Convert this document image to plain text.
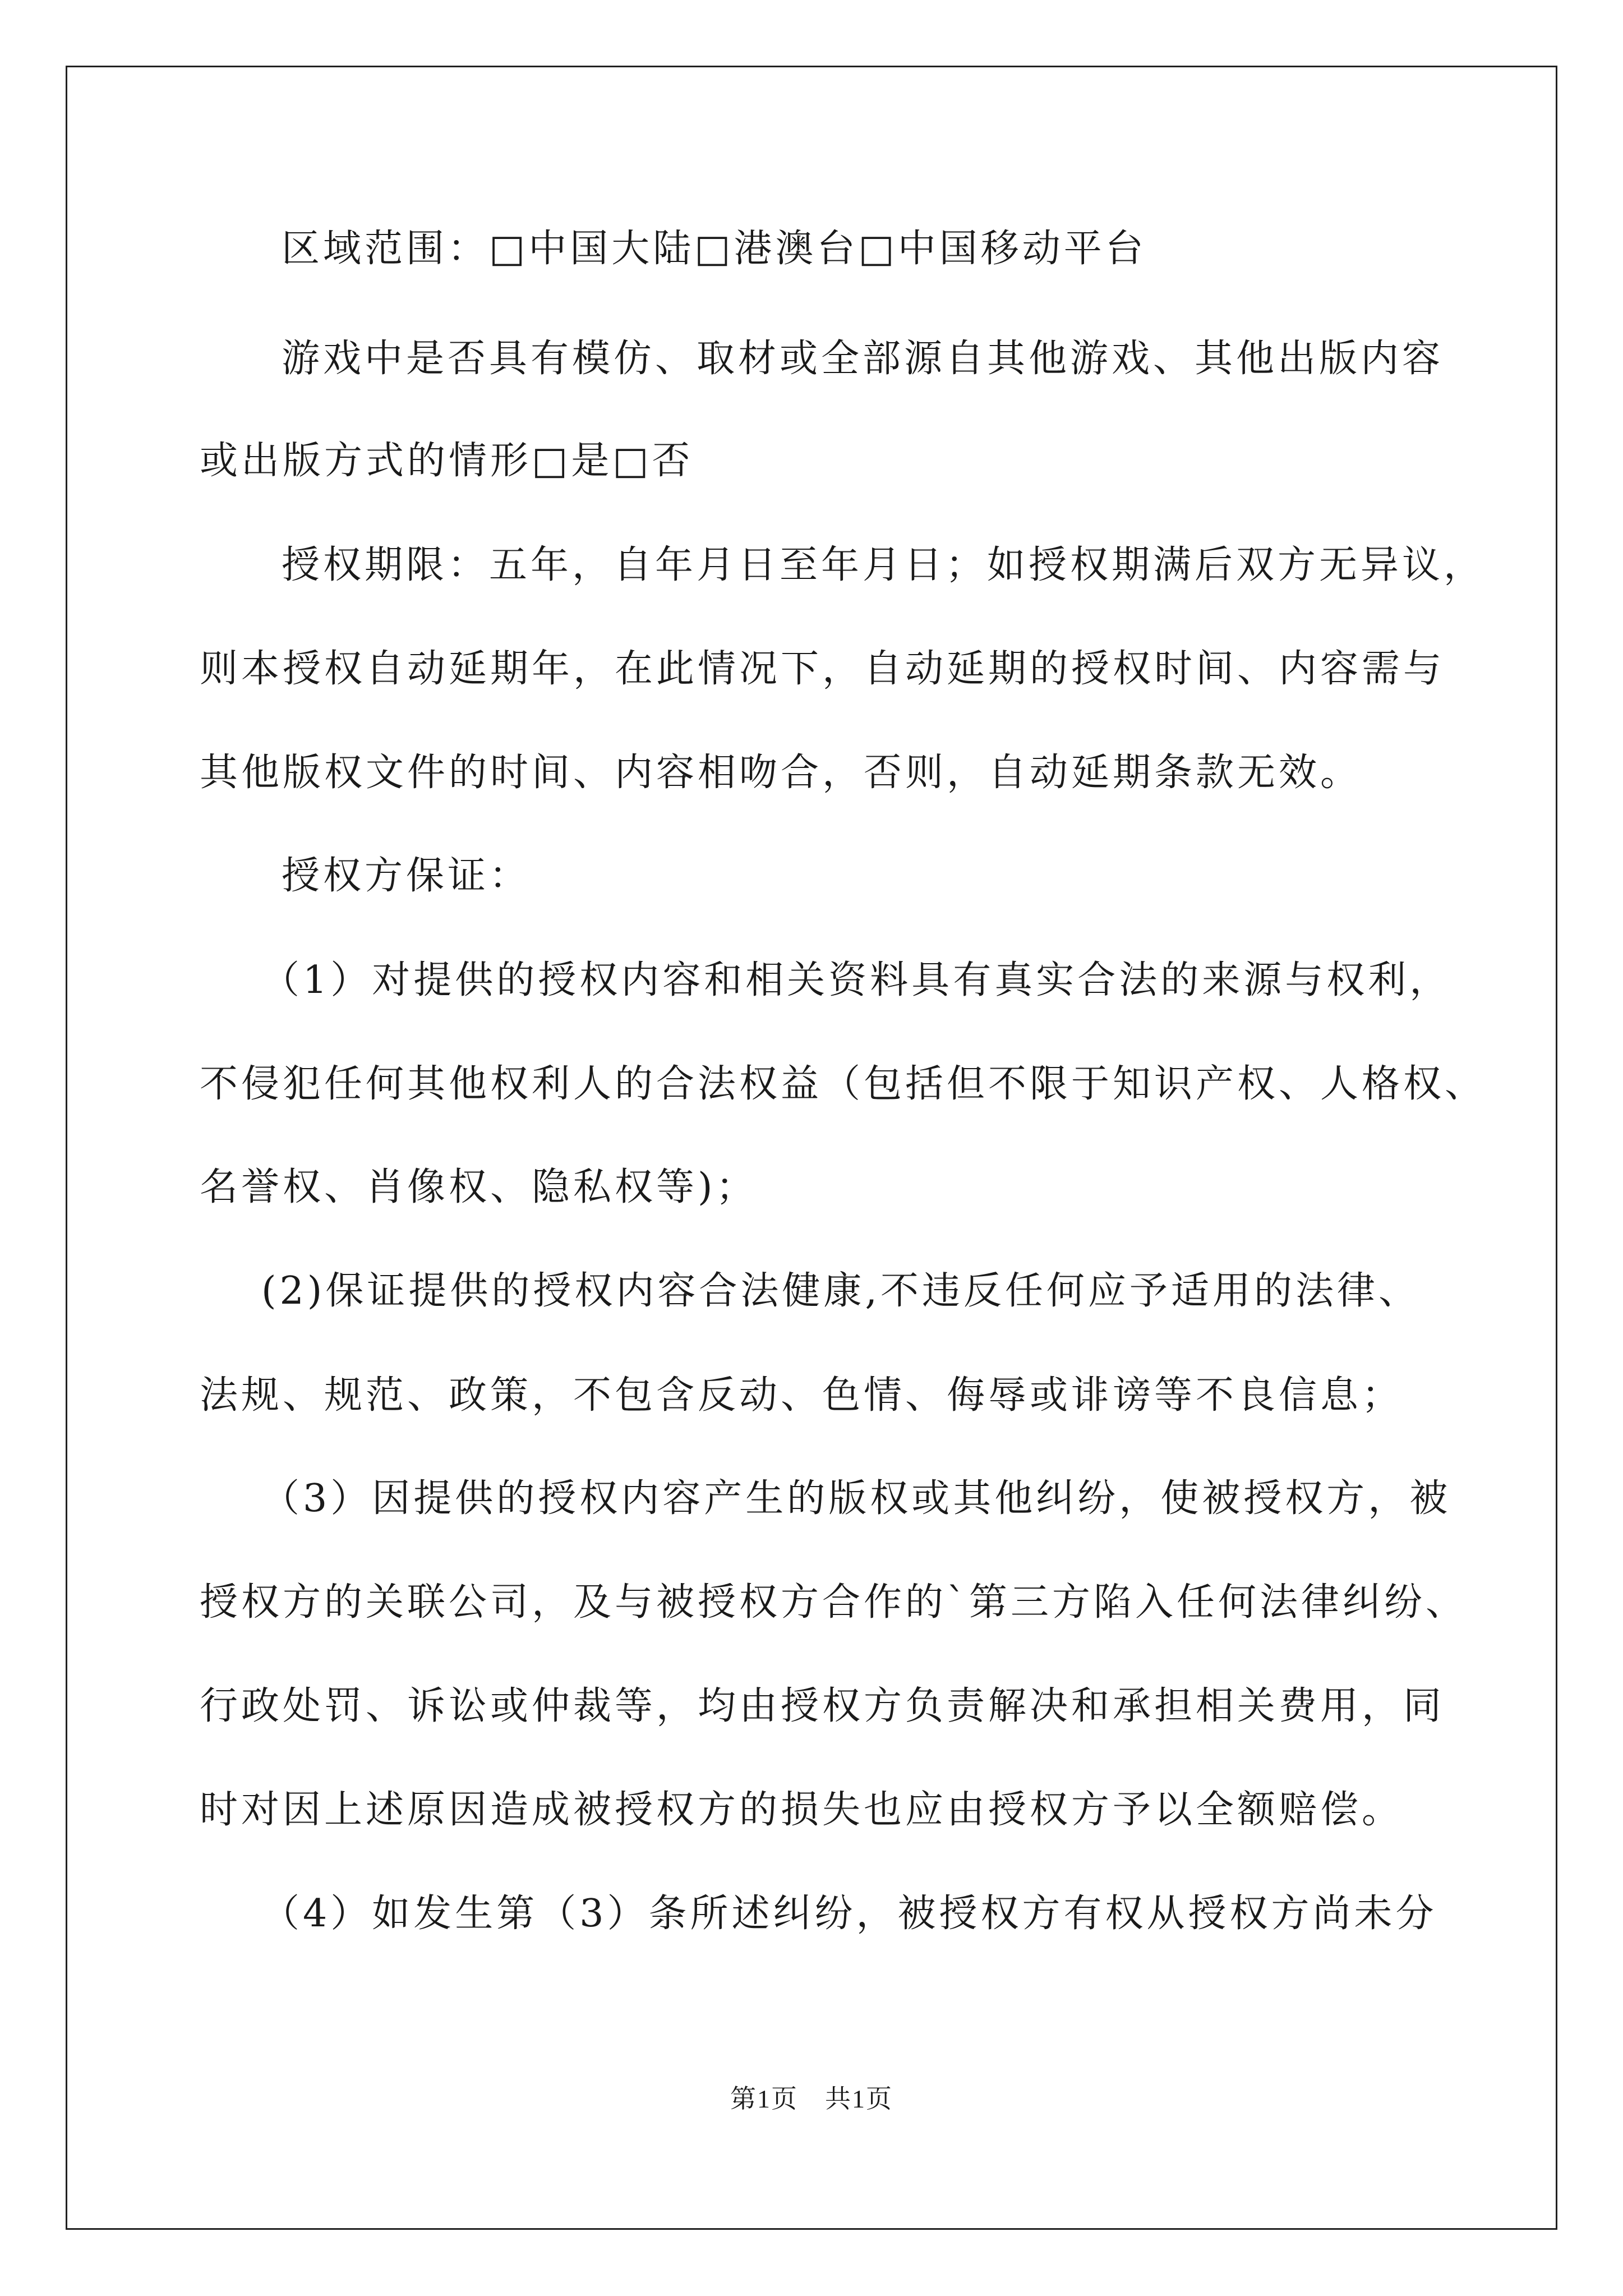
区域范围：□中国大陆□港澳台□中国移动平台
游戏中是否具有模仿、取材或全部源自其他游戏、其他出版内容
或出版方式的情形□是□否
授权期限：五年，自年月日至年月日；如授权期满后双方无异议，
则本授权自动延期年，在此情况下，自动延期的授权时间、内容需与
其他版权文件的时间、内容相吻合，否则，自动延期条款无效。
授权方保证：
（1）对提供的授权内容和相关资料具有真实合法的来源与权利，
不侵犯任何其他权利人的合法权益（包括但不限于知识产权、人格权、
名誉权、肖像权、隐私权等)；
(2)保证提供的授权内容合法健康,不违反任何应予适用的法律、
法规、规范、政策，不包含反动、色情、侮辱或诽谤等不良信息；
（3）因提供的授权内容产生的版权或其他纠纷，使被授权方，被
授权方的关联公司，及与被授权方合作的`第三方陷入任何法律纠纷、
行政处罚、诉讼或仲裁等，均由授权方负责解决和承担相关费用，同
时对因上述原因造成被授权方的损失也应由授权方予以全额赔偿。
（4）如发生第（3）条所述纠纷，被授权方有权从授权方尚未分
第1页 共1页
